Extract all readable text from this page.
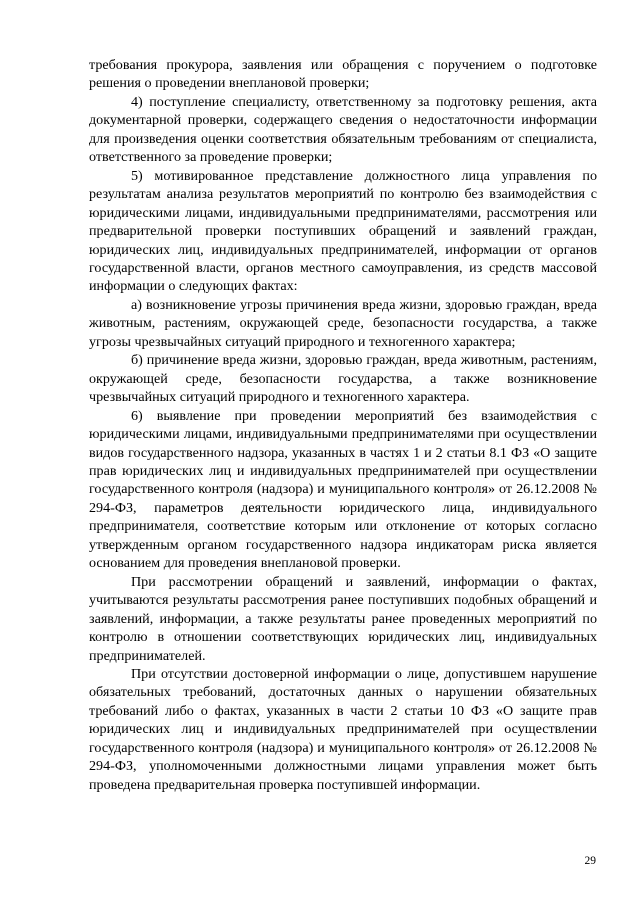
требования прокурора, заявления или обращения с поручением о подготовке решения о проведении внеплановой проверки;

4) поступление специалисту, ответственному за подготовку решения, акта документарной проверки, содержащего сведения о недостаточности информации для произведения оценки соответствия обязательным требованиям от специалиста, ответственного за проведение проверки;

5) мотивированное представление должностного лица управления по результатам анализа результатов мероприятий по контролю без взаимодействия с юридическими лицами, индивидуальными предпринимателями, рассмотрения или предварительной проверки поступивших обращений и заявлений граждан, юридических лиц, индивидуальных предпринимателей, информации от органов государственной власти, органов местного самоуправления, из средств массовой информации о следующих фактах:

а) возникновение угрозы причинения вреда жизни, здоровью граждан, вреда животным, растениям, окружающей среде, безопасности государства, а также угрозы чрезвычайных ситуаций природного и техногенного характера;

б) причинение вреда жизни, здоровью граждан, вреда животным, растениям, окружающей среде, безопасности государства, а также возникновение чрезвычайных ситуаций природного и техногенного характера.

6) выявление при проведении мероприятий без взаимодействия с юридическими лицами, индивидуальными предпринимателями при осуществлении видов государственного надзора, указанных в частях 1 и 2 статьи 8.1 ФЗ «О защите прав юридических лиц и индивидуальных предпринимателей при осуществлении государственного контроля (надзора) и муниципального контроля» от 26.12.2008 № 294-ФЗ, параметров деятельности юридического лица, индивидуального предпринимателя, соответствие которым или отклонение от которых согласно утвержденным органом государственного надзора индикаторам риска является основанием для проведения внеплановой проверки.

При рассмотрении обращений и заявлений, информации о фактах, учитываются результаты рассмотрения ранее поступивших подобных обращений и заявлений, информации, а также результаты ранее проведенных мероприятий по контролю в отношении соответствующих юридических лиц, индивидуальных предпринимателей.

При отсутствии достоверной информации о лице, допустившем нарушение обязательных требований, достаточных данных о нарушении обязательных требований либо о фактах, указанных в части 2 статьи 10 ФЗ «О защите прав юридических лиц и индивидуальных предпринимателей при осуществлении государственного контроля (надзора) и муниципального контроля» от 26.12.2008 № 294-ФЗ, уполномоченными должностными лицами управления может быть проведена предварительная проверка поступившей информации.

29
